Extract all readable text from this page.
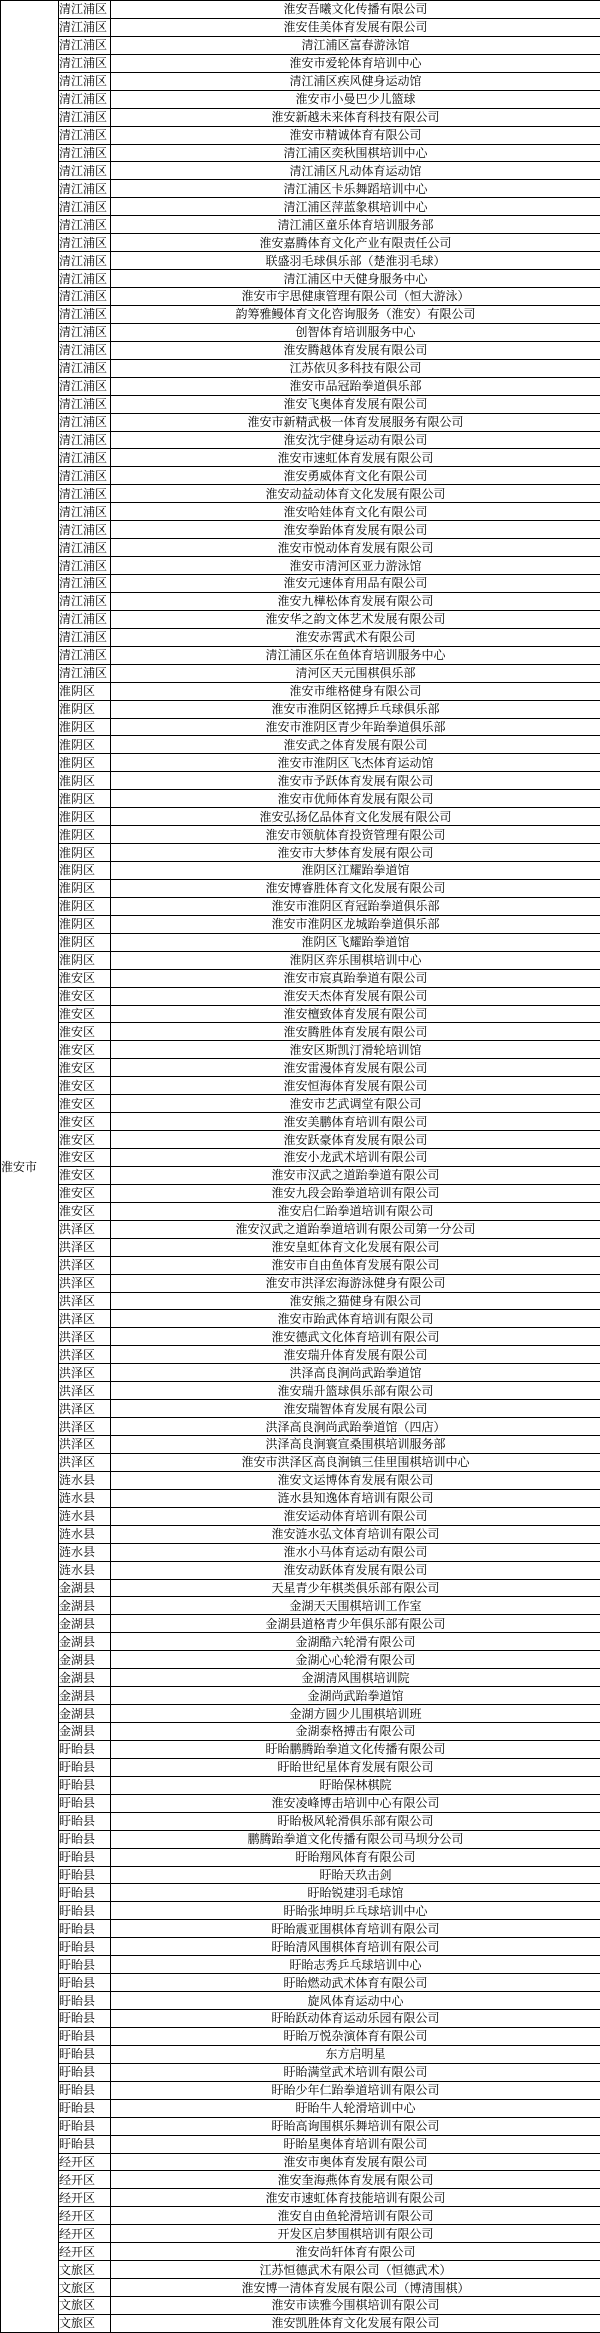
淮安市	清江浦区	淮安吾曦文化传播有限公司
	清江浦区	淮安佳美体育发展有限公司
	清江浦区	清江浦区富春游泳馆
	清江浦区	淮安市爱轮体育培训中心
	清江浦区	清江浦区疾风健身运动馆
	清江浦区	淮安市小曼巴少儿篮球
	清江浦区	淮安新越未来体育科技有限公司
	清江浦区	淮安市精诚体育有限公司
	清江浦区	清江浦区奕秋围棋培训中心
	清江浦区	清江浦区凡动体育运动馆
	清江浦区	清江浦区卡乐舞蹈培训中心
	清江浦区	清江浦区萍蓝象棋培训中心
	清江浦区	清江浦区童乐体育培训服务部
	清江浦区	淮安嘉腾体育文化产业有限责任公司
	清江浦区	联盛羽毛球俱乐部（楚淮羽毛球）
	清江浦区	清江浦区中天健身服务中心
	清江浦区	淮安市宇思健康管理有限公司（恒大游泳）
	清江浦区	韵筹雅鳗体育文化咨询服务（淮安）有限公司
	清江浦区	创智体育培训服务中心
	清江浦区	淮安腾越体育发展有限公司
	清江浦区	江苏依贝多科技有限公司
	清江浦区	淮安市品冠跆拳道俱乐部
	清江浦区	淮安飞奥体育发展有限公司
	清江浦区	淮安市新精武极一体育发展服务有限公司
	清江浦区	淮安沈宇健身运动有限公司
	清江浦区	淮安市速虹体育发展有限公司
	清江浦区	淮安勇威体育文化有限公司
	清江浦区	淮安动益动体育文化发展有限公司
	清江浦区	淮安哈娃体育文化有限公司
	清江浦区	淮安拳跆体育发展有限公司
	清江浦区	淮安市悦动体育发展有限公司
	清江浦区	淮安市清河区亚力游泳馆
	清江浦区	淮安元速体育用品有限公司
	清江浦区	淮安九樺松体育发展有限公司
	清江浦区	淮安华之韵文体艺术发展有限公司
	清江浦区	淮安赤霄武术有限公司
	清江浦区	清江浦区乐在鱼体育培训服务中心
	清江浦区	清河区天元围棋俱乐部
	淮阴区	淮安市维格健身有限公司
	淮阴区	淮安市淮阴区铭搏乒乓球俱乐部
	淮阴区	淮安市淮阴区青少年跆拳道俱乐部
	淮阴区	淮安武之体育发展有限公司
	淮阴区	淮安市淮阴区飞杰体育运动馆
	淮阴区	淮安市予跃体育发展有限公司
	淮阴区	淮安市优师体育发展有限公司
	淮阴区	淮安弘扬亿品体育文化发展有限公司
	淮阴区	淮安市领航体育投资管理有限公司
	淮阴区	淮安市大梦体育发展有限公司
	淮阴区	淮阴区江耀跆拳道馆
	淮阴区	淮安博睿胜体育文化发展有限公司
	淮阴区	淮安市淮阴区育冠跆拳道俱乐部
	淮阴区	淮安市淮阴区龙城跆拳道俱乐部
	淮阴区	淮阴区飞耀跆拳道馆
	淮阴区	淮阴区弈乐围棋培训中心
	淮安区	淮安市宸真跆拳道有限公司
	淮安区	淮安天杰体育发展有限公司
	淮安区	淮安檀致体育发展有限公司
	淮安区	淮安腾胜体育发展有限公司
	淮安区	淮安区斯凯汀滑轮培训馆
	淮安区	淮安雷漫体育发展有限公司
	淮安区	淮安恒海体育发展有限公司
	淮安区	淮安市艺武调堂有限公司
	淮安区	淮安美鹏体育培训有限公司
	淮安区	淮安跃豪体育发展有限公司
	淮安区	淮安小龙武术培训有限公司
	淮安区	淮安市汉武之道跆拳道有限公司
	淮安区	淮安九段会跆拳道培训有限公司
	淮安区	淮安启仁跆拳道培训有限公司
	洪泽区	淮安汉武之道跆拳道培训有限公司第一分公司
	洪泽区	淮安皇虹体育文化发展有限公司
	洪泽区	淮安市自由鱼体育发展有限公司
	洪泽区	淮安市洪泽宏海游泳健身有限公司
	洪泽区	淮安熊之猫健身有限公司
	洪泽区	淮安市跆武体育培训有限公司
	洪泽区	淮安德武文化体育培训有限公司
	洪泽区	淮安瑞升体育发展有限公司
	洪泽区	洪泽高良涧尚武跆拳道馆
	洪泽区	淮安瑞升篮球俱乐部有限公司
	洪泽区	淮安瑞智体育发展有限公司
	洪泽区	洪泽高良涧尚武跆拳道馆（四店）
	洪泽区	洪泽高良涧寰宣桑围棋培训服务部
	洪泽区	淮安市洪泽区高良涧镇三佳里围棋培训中心
	涟水县	淮安文运博体育发展有限公司
	涟水县	涟水县知逸体育培训有限公司
	涟水县	淮安运动体育培训有限公司
	涟水县	淮安涟水弘文体育培训有限公司
	涟水县	淮水小马体育运动有限公司
	涟水县	淮安动跃体育发展有限公司
	金湖县	天星青少年棋类俱乐部有限公司
	金湖县	金湖天天围棋培训工作室
	金湖县	金湖县道格青少年俱乐部有限公司
	金湖县	金湖酷六轮滑有限公司
	金湖县	金湖心心轮滑有限公司
	金湖县	金湖清风围棋培训院
	金湖县	金湖尚武跆拳道馆
	金湖县	金湖方圆少儿围棋培训班
	金湖县	金湖泰格搏击有限公司
	盱眙县	盱眙鹏腾跆拳道文化传播有限公司
	盱眙县	盱眙世纪星体育发展有限公司
	盱眙县	盱眙保林棋院
	盱眙县	淮安凌峰博击培训中心有限公司
	盱眙县	盱眙极风轮滑俱乐部有限公司
	盱眙县	鹏腾跆拳道文化传播有限公司马坝分公司
	盱眙县	盱眙翔风体育有限公司
	盱眙县	盱眙天玖击剑
	盱眙县	盱眙锐建羽毛球馆
	盱眙县	盱眙张坤明乒乓球培训中心
	盱眙县	盱眙震亚围棋体育培训有限公司
	盱眙县	盱眙清风围棋体育培训有限公司
	盱眙县	盱眙志秀乒乓球培训中心
	盱眙县	盱眙燃动武术体育有限公司
	盱眙县	旋风体育运动中心
	盱眙县	盱眙跃动体育运动乐园有限公司
	盱眙县	盱眙万悦杂演体育有限公司
	盱眙县	东方启明星
	盱眙县	盱眙满堂武术培训有限公司
	盱眙县	盱眙少年仁跆拳道培训有限公司
	盱眙县	盱眙牛人轮滑培训中心
	盱眙县	盱眙高询围棋乐舞培训有限公司
	盱眙县	盱眙星奥体育培训有限公司
	经开区	淮安市奥体育发展有限公司
	经开区	淮安奎海燕体育发展有限公司
	经开区	淮安市速虹体育技能培训有限公司
	经开区	淮安自由鱼轮滑培训有限公司
	经开区	开发区启梦围棋培训有限公司
	经开区	淮安尚轩体育有限公司
	文旅区	江苏恒德武术有限公司（恒德武术）
	文旅区	淮安博一清体育发展有限公司（博清围棋）
	文旅区	淮安市读雅今围棋培训有限公司
	文旅区	淮安凯胜体育文化发展有限公司
